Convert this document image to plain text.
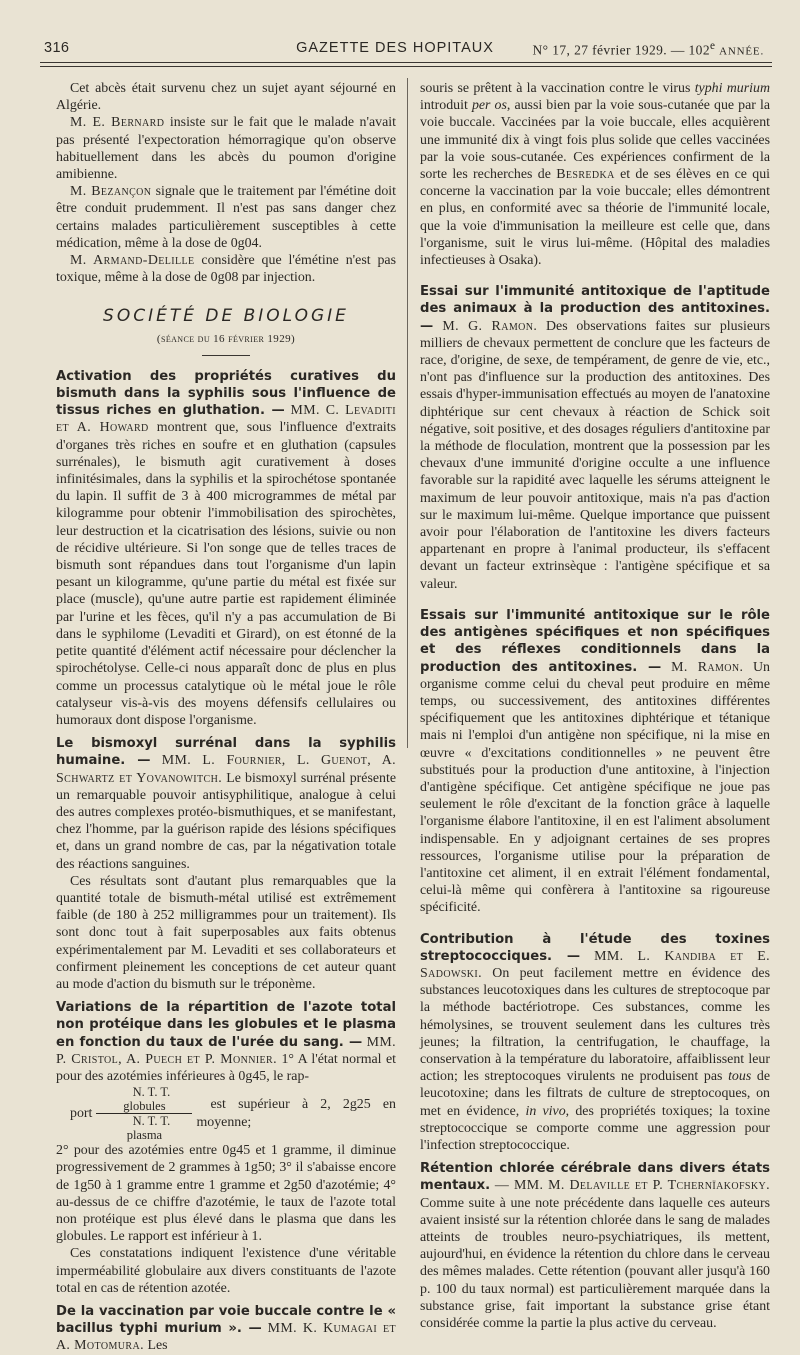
316	GAZETTE DES HOPITAUX	N° 17, 27 février 1929. — 102e ANNÉE.

Cet abcès était survenu chez un sujet ayant séjourné en Algérie.

M. E. Bernard insiste sur le fait que le malade n'avait pas présenté l'expectoration hémorragique qu'on observe habituellement dans les abcès du poumon d'origine amibienne.

M. Bezançon signale que le traitement par l'émétine doit être conduit prudemment. Il n'est pas sans danger chez certains malades particulièrement susceptibles à cette médication, même à la dose de 0g04.

M. Armand-Delille considère que l'émétine n'est pas toxique, même à la dose de 0g08 par injection.

SOCIÉTÉ DE BIOLOGIE
(séance du 16 février 1929)

Activation des propriétés curatives du bismuth dans la syphilis sous l'influence de tissus riches en gluthation. — MM. C. Levaditi et A. Howard montrent que, sous l'influence d'extraits d'organes très riches en soufre et en gluthation (capsules surrénales), le bismuth agit curativement à doses infinitésimales, dans la syphilis et la spirochétose spontanée du lapin. Il suffit de 3 à 400 microgrammes de métal par kilogramme pour obtenir l'immobilisation des spirochètes, leur destruction et la cicatrisation des lésions, suivie ou non de récidive ultérieure. Si l'on songe que de telles traces de bismuth sont répandues dans tout l'organisme d'un lapin pesant un kilogramme, qu'une partie du métal est fixée sur place (muscle), qu'une autre partie est rapidement éliminée par l'urine et les fèces, qu'il n'y a pas accumulation de Bi dans le syphilome (Levaditi et Girard), on est étonné de la petite quantité d'élément actif nécessaire pour déclencher la spirochétolyse. Celle-ci nous apparaît donc de plus en plus comme un processus catalytique où le métal joue le rôle catalyseur vis-à-vis des moyens défensifs cellulaires ou humoraux dont dispose l'organisme.

Le bismoxyl surrénal dans la syphilis humaine. — MM. L. Fournier, L. Guenot, A. Schwartz et Yovanowitch. Le bismoxyl surrénal présente un remarquable pouvoir antisyphilitique, analogue à celui des autres complexes protéo-bismuthiques, et se manifestant, chez l'homme, par la guérison rapide des lésions spécifiques et, dans un grand nombre de cas, par la négativation totale des réactions sanguines.

Ces résultats sont d'autant plus remarquables que la quantité totale de bismuth-métal utilisé est extrêmement faible (de 180 à 252 milligrammes pour un traitement). Ils sont donc tout à fait superposables aux faits obtenus expérimentalement par M. Levaditi et ses collaborateurs et confirment pleinement les conceptions de cet auteur quant au mode d'action du bismuth sur le tréponème.

Variations de la répartition de l'azote total non protéique dans les globules et le plasma en fonction du taux de l'urée du sang. — MM. P. Cristol, A. Puech et P. Monnier. 1° A l'état normal et pour des azotémies inférieures à 0g45, le rap-

port $\frac{\text{N. T. T. globules}}{\text{N. T. T. plasma}}$	est supérieur à 2, 2g25 en moyenne;

2° pour des azotémies entre 0g45 et 1 gramme, il diminue progressivement de 2 grammes à 1g50; 3° il s'abaisse encore de 1g50 à 1 gramme entre 1 gramme et 2g50 d'azotémie; 4° au-dessus de ce chiffre d'azotémie, le taux de l'azote total non protéique est plus élevé dans le plasma que dans les globules. Le rapport est inférieur à 1.

Ces constatations indiquent l'existence d'une véritable imperméabilité globulaire aux divers constituants de l'azote total en cas de rétention azotée.

De la vaccination par voie buccale contre le « bacillus typhi murium ». — MM. K. Kumagai et A. Motomura. Les

souris se prêtent à la vaccination contre le virus typhi murium introduit per os, aussi bien par la voie sous-cutanée que par la voie buccale. Vaccinées par la voie buccale, elles acquièrent une immunité dix à vingt fois plus solide que celles vaccinées par la voie sous-cutanée. Ces expériences confirment de la sorte les recherches de Besredka et de ses élèves en ce qui concerne la vaccination par la voie buccale; elles démontrent en plus, en conformité avec sa théorie de l'immunité locale, que la voie d'immunisation la meilleure est celle que, dans l'organisme, suit le virus lui-même. (Hôpital des maladies infectieuses à Osaka).

Essai sur l'immunité antitoxique de l'aptitude des animaux à la production des antitoxines. — M. G. Ramon. Des observations faites sur plusieurs milliers de chevaux permettent de conclure que les facteurs de race, d'origine, de sexe, de tempérament, de genre de vie, etc., n'ont pas d'influence sur la production des antitoxines. Des essais d'hyper-immunisation effectués au moyen de l'anatoxine diphtérique sur cent chevaux à réaction de Schick soit négative, soit positive, et des dosages réguliers d'antitoxine par la méthode de floculation, montrent que la possession par les chevaux d'une immunité d'origine occulte a une influence favorable sur la rapidité avec laquelle les sérums atteignent le maximum de leur pouvoir antitoxique, mais n'a pas d'action sur le maximum lui-même. Quelque importance que puissent avoir pour l'élaboration de l'antitoxine les divers facteurs appartenant en propre à l'animal producteur, ils s'effacent devant un facteur extrinsèque : l'antigène spécifique et sa valeur.

Essais sur l'immunité antitoxique sur le rôle des antigènes spécifiques et non spécifiques et des réflexes conditionnels dans la production des antitoxines. — M. Ramon. Un organisme comme celui du cheval peut produire en même temps, ou successivement, des antitoxines différentes spécifiquement que les antitoxines diphtérique et tétanique mais ni l'emploi d'un antigène non spécifique, ni la mise en œuvre « d'excitations conditionnelles » ne peuvent être substitués pour la production d'une antitoxine, à l'injection d'antigène spécifique. Cet antigène spécifique ne joue pas seulement le rôle d'excitant de la fonction grâce à laquelle l'organisme élabore l'antitoxine, il en est l'aliment absolument indispensable. En y adjoignant certaines de ses propres ressources, l'organisme utilise pour la préparation de l'antitoxine cet aliment, il en extrait l'élément fondamental, celui-là même qui confèrera à l'antitoxine sa rigoureuse spécificité.

Contribution à l'étude des toxines streptococciques. — MM. L. Kandiba et E. Sadowski. On peut facilement mettre en évidence des substances leucotoxiques dans les cultures de streptocoque par la méthode bactériotrope. Ces substances, comme les hémolysines, se trouvent seulement dans les cultures très jeunes; la filtration, la centrifugation, le chauffage, la conservation à la température du laboratoire, affaiblissent leur action; les streptocoques virulents ne produisent pas tous de leucotoxine; dans les filtrats de culture de streptocoques, on met en évidence, in vivo, des propriétés toxiques; la toxine streptococcique se comporte comme une aggression pour l'infection streptococcique.

Rétention chlorée cérébrale dans divers états mentaux. — MM. M. Delaville et P. Tchernïakofsky. Comme suite à une note précédente dans laquelle ces auteurs avaient insisté sur la rétention chlorée dans le sang de malades atteints de troubles neuro-psychiatriques, ils mettent, aujourd'hui, en évidence la rétention du chlore dans le cerveau des mêmes malades. Cette rétention (pouvant aller jusqu'à 160 p. 100 du taux normal) est particulièrement marquée dans la substance grise, fait important la substance grise étant considérée comme la partie la plus active du cerveau.
